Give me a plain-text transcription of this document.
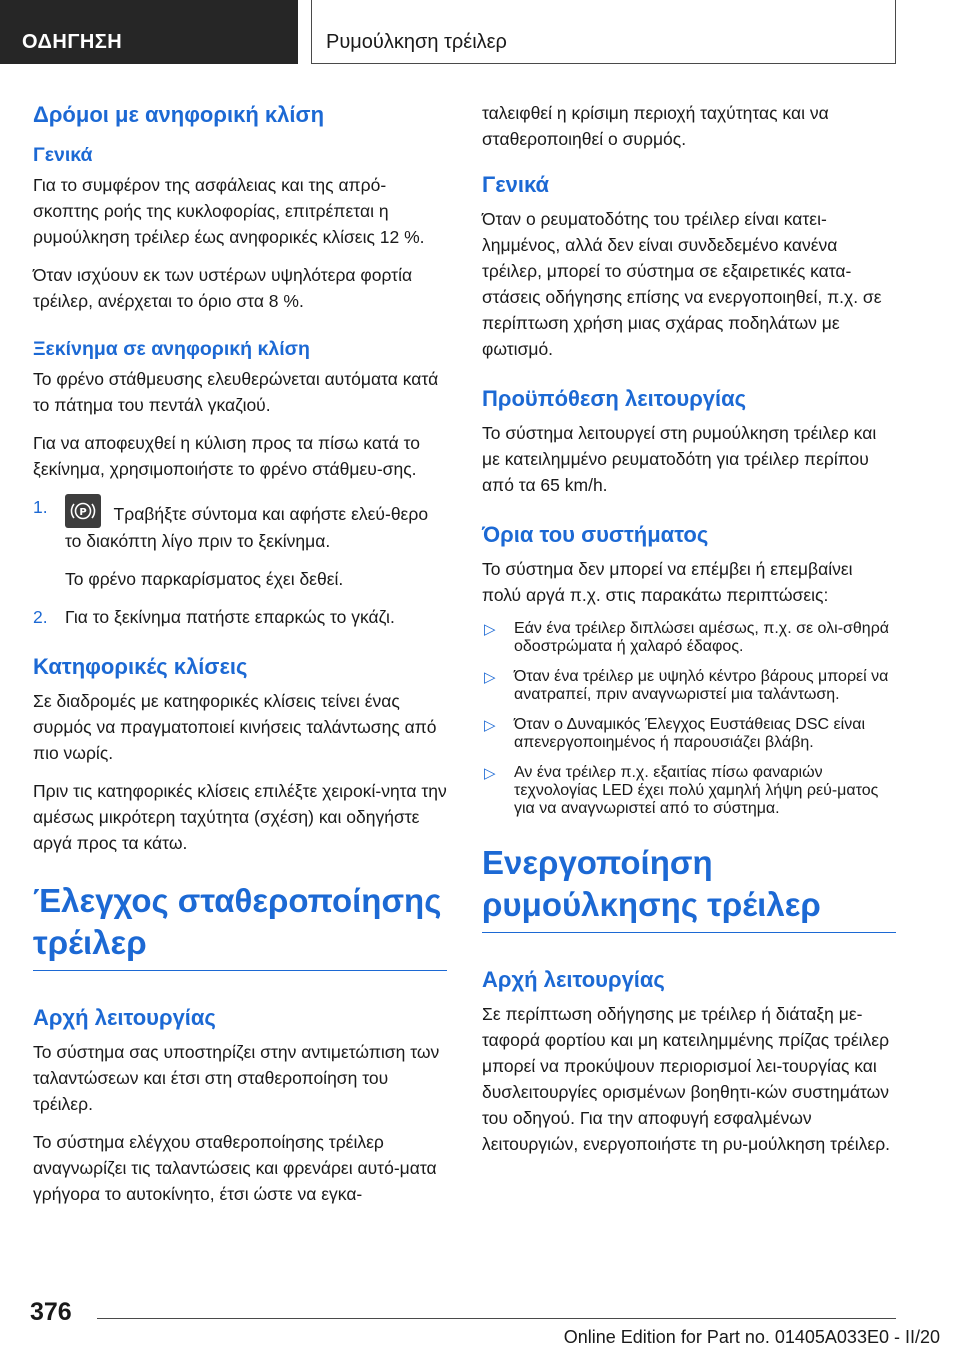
ΟΔΗΓΗΣΗ	Ρυμούλκηση τρέιλερ
Δρόμοι με ανηφορική κλίση
Γενικά

Για το συμφέρον της ασφάλειας και της απρό-σκοπτης ροής της κυκλοφορίας, επιτρέπεται η ρυμούλκηση τρέιλερ έως ανηφορικές κλίσεις 12 %.

Όταν ισχύουν εκ των υστέρων υψηλότερα φορτία τρέιλερ, ανέρχεται το όριο στα 8 %.

Ξεκίνημα σε ανηφορική κλίση

Το φρένο στάθμευσης ελευθερώνεται αυτόματα κατά το πάτημα του πεντάλ γκαζιού.

Για να αποφευχθεί η κύλιση προς τα πίσω κατά το ξεκίνημα, χρησιμοποιήστε το φρένο στάθμευ-σης.

1.	P Τραβήξτε σύντομα και αφήστε ελεύ-θερο το διακόπτη λίγο πριν το ξεκίνημα.

Το φρένο παρκαρίσματος έχει δεθεί.

2. Για το ξεκίνημα πατήστε επαρκώς το γκάζι.

Κατηφορικές κλίσεις

Σε διαδρομές με κατηφορικές κλίσεις τείνει ένας συρμός να πραγματοποιεί κινήσεις ταλάντωσης από πιο νωρίς.

Πριν τις κατηφορικές κλίσεις επιλέξτε χειροκί-νητα την αμέσως μικρότερη ταχύτητα (σχέση) και οδηγήστε αργά προς τα κάτω.

Έλεγχος σταθεροποίησης τρέιλερ
Αρχή λειτουργίας

Το σύστημα σας υποστηρίζει στην αντιμετώπιση των ταλαντώσεων και έτσι στη σταθεροποίηση του τρέιλερ.

Το σύστημα ελέγχου σταθεροποίησης τρέιλερ αναγνωρίζει τις ταλαντώσεις και φρενάρει αυτό-ματα γρήγορα το αυτοκίνητο, έτσι ώστε να εγκα-

ταλειφθεί η κρίσιμη περιοχή ταχύτητας και να σταθεροποιηθεί ο συρμός.

Γενικά

Όταν ο ρευματοδότης του τρέιλερ είναι κατει-λημμένος, αλλά δεν είναι συνδεδεμένο κανένα τρέιλερ, μπορεί το σύστημα σε εξαιρετικές κατα-στάσεις οδήγησης επίσης να ενεργοποιηθεί, π.χ. σε περίπτωση χρήση μιας σχάρας ποδηλάτων με φωτισμό.

Προϋπόθεση λειτουργίας

Το σύστημα λειτουργεί στη ρυμούλκηση τρέιλερ και με κατειλημμένο ρευματοδότη για τρέιλερ περίπου από τα 65 km/h.

Όρια του συστήματος

Το σύστημα δεν μπορεί να επέμβει ή επεμβαίνει πολύ αργά π.χ. στις παρακάτω περιπτώσεις:

▷ Εάν ένα τρέιλερ διπλώσει αμέσως, π.χ. σε ολι-σθηρά οδοστρώματα ή χαλαρό έδαφος.
▷ Όταν ένα τρέιλερ με υψηλό κέντρο βάρους μπορεί να ανατραπεί, πριν αναγνωριστεί μια ταλάντωση.
▷ Όταν ο Δυναμικός Έλεγχος Ευστάθειας DSC είναι απενεργοποιημένος ή παρουσιάζει βλάβη.
▷ Αν ένα τρέιλερ π.χ. εξαιτίας πίσω φαναριών τεχνολογίας LED έχει πολύ χαμηλή λήψη ρεύ-ματος για να αναγνωριστεί από το σύστημα.
Ενεργοποίηση ρυμούλκησης τρέιλερ
Αρχή λειτουργίας

Σε περίπτωση οδήγησης με τρέιλερ ή διάταξη με-ταφορά φορτίου και μη κατειλημμένης πρίζας τρέιλερ μπορεί να προκύψουν περιορισμοί λει-τουργίας και δυσλειτουργίες ορισμένων βοηθητι-κών συστημάτων του οδηγού. Για την αποφυγή εσφαλμένων λειτουργιών, ενεργοποιήστε τη ρυ-μούλκηση τρέιλερ.

376
Online Edition for Part no. 01405A033E0 - II/20
